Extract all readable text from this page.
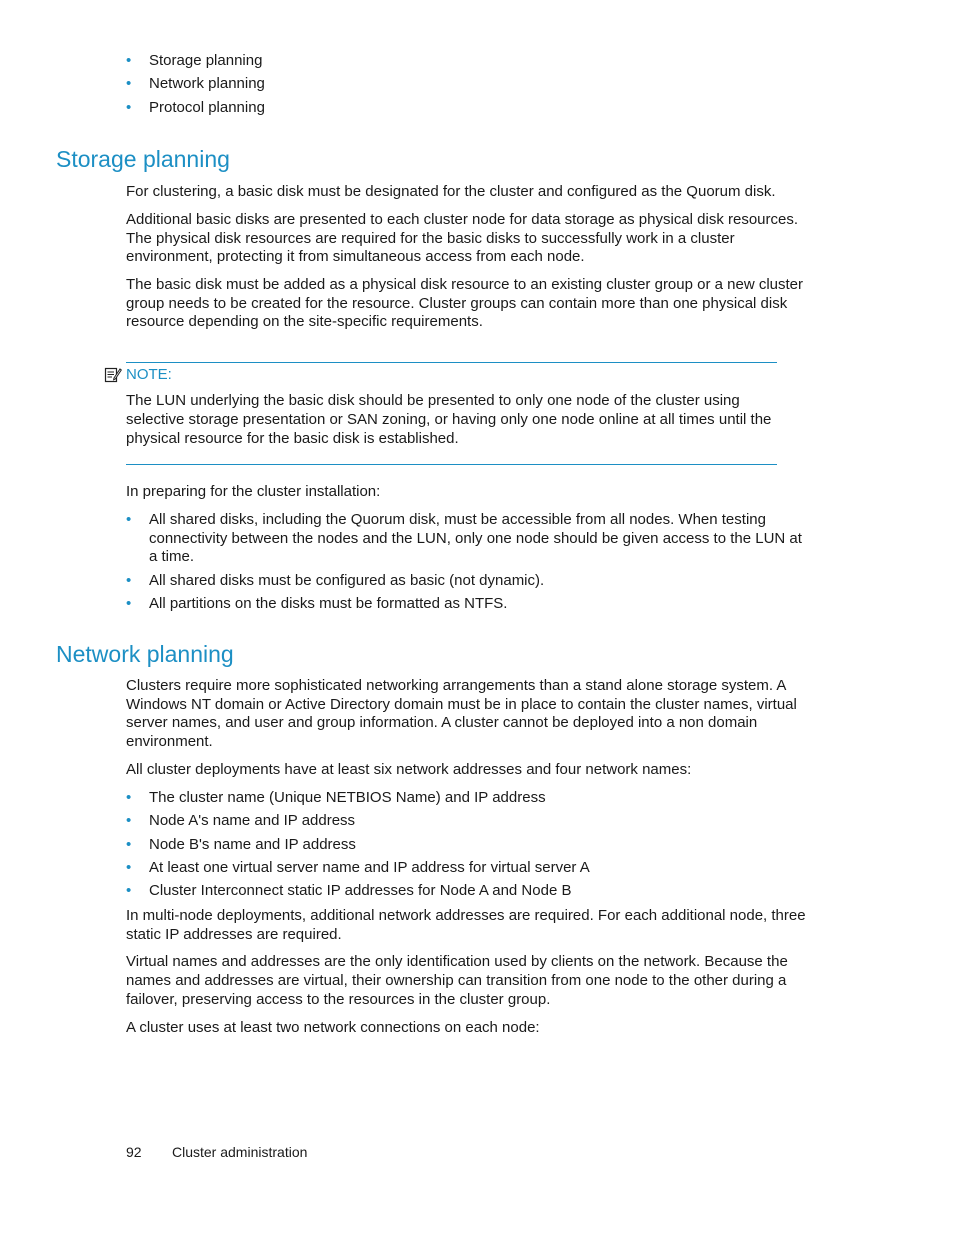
• Storage planning
• Network planning
• Protocol planning
Storage planning

For clustering, a basic disk must be designated for the cluster and configured as the Quorum disk.

Additional basic disks are presented to each cluster node for data storage as physical disk resources. The physical disk resources are required for the basic disks to successfully work in a cluster environment, protecting it from simultaneous access from each node.

The basic disk must be added as a physical disk resource to an existing cluster group or a new cluster group needs to be created for the resource. Cluster groups can contain more than one physical disk resource depending on the site-specific requirements.

NOTE:

The LUN underlying the basic disk should be presented to only one node of the cluster using selective storage presentation or SAN zoning, or having only one node online at all times until the physical resource for the basic disk is established.

In preparing for the cluster installation:

• All shared disks, including the Quorum disk, must be accessible from all nodes. When testing connectivity between the nodes and the LUN, only one node should be given access to the LUN at a time.
• All shared disks must be configured as basic (not dynamic).
• All partitions on the disks must be formatted as NTFS.
Network planning

Clusters require more sophisticated networking arrangements than a stand alone storage system. A Windows NT domain or Active Directory domain must be in place to contain the cluster names, virtual server names, and user and group information. A cluster cannot be deployed into a non domain environment.

All cluster deployments have at least six network addresses and four network names:

• The cluster name (Unique NETBIOS Name) and IP address
• Node A's name and IP address
• Node B's name and IP address
• At least one virtual server name and IP address for virtual server A
• Cluster Interconnect static IP addresses for Node A and Node B

In multi-node deployments, additional network addresses are required. For each additional node, three static IP addresses are required.

Virtual names and addresses are the only identification used by clients on the network. Because the names and addresses are virtual, their ownership can transition from one node to the other during a failover, preserving access to the resources in the cluster group.

A cluster uses at least two network connections on each node:

92	Cluster administration
